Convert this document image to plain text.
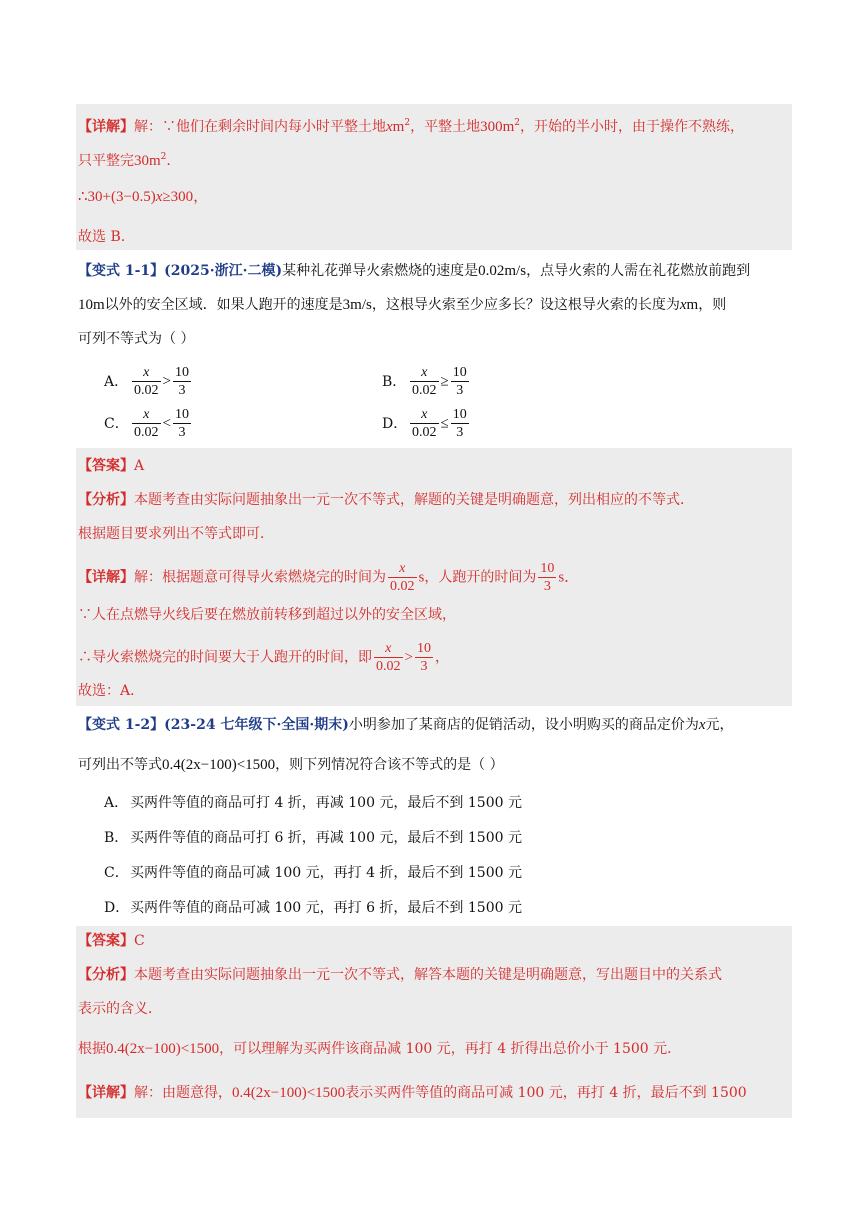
【详解】解：∵他们在剩余时间内每小时平整土地$xm^2$，平整土地$300m^2$，开始的半小时，由于操作不熟练，
只平整完$30m^2$.
∴30+(3−0.5)x≥300，
故选 B.
【变式 1-1】(2025·浙江·二模)某种礼花弹导火索燃烧的速度是0.02m/s，点导火索的人需在礼花燃放前跑到
10m以外的安全区域．如果人跑开的速度是3m/s，这根导火索至少应多长？设这根导火索的长度为xm，则
可列不等式为（ ）
A． $\frac{x}{0.02} > \frac{10}{3}$	B． $\frac{x}{0.02} \ge \frac{10}{3}$
C． $\frac{x}{0.02} < \frac{10}{3}$	D． $\frac{x}{0.02} \le \frac{10}{3}$
【答案】A
【分析】本题考查由实际问题抽象出一元一次不等式，解题的关键是明确题意，列出相应的不等式．
根据题目要求列出不等式即可．
【详解】解：根据题意可得导火索燃烧完的时间为 $\frac{x}{0.02}$ s，人跑开的时间为 $\frac{10}{3}$ s．
∵人在点燃导火线后要在燃放前转移到超过以外的安全区域，
∴导火索燃烧完的时间要大于人跑开的时间，即 $\frac{x}{0.02} > \frac{10}{3}$ ，
故选：A．
【变式 1-2】(23-24 七年级下·全国·期末)小明参加了某商店的促销活动，设小明购买的商品定价为x元，
可列出不等式0.4(2x−100)<1500，则下列情况符合该不等式的是（ ）
A． 买两件等值的商品可打 4 折，再减 100 元，最后不到 1500 元
B． 买两件等值的商品可打 6 折，再减 100 元，最后不到 1500 元
C．买两件等值的商品可减 100 元，再打 4 折，最后不到 1500 元
D．买两件等值的商品可减 100 元，再打 6 折，最后不到 1500 元
【答案】C
【分析】本题考查由实际问题抽象出一元一次不等式，解答本题的关键是明确题意，写出题目中的关系式
表示的含义．
根据0.4(2x−100)<1500，可以理解为买两件该商品减 100 元，再打 4 折得出总价小于 1500 元．
【详解】解：由题意得，0.4(2x−100)<1500表示买两件等值的商品可减 100 元，再打 4 折，最后不到 1500
